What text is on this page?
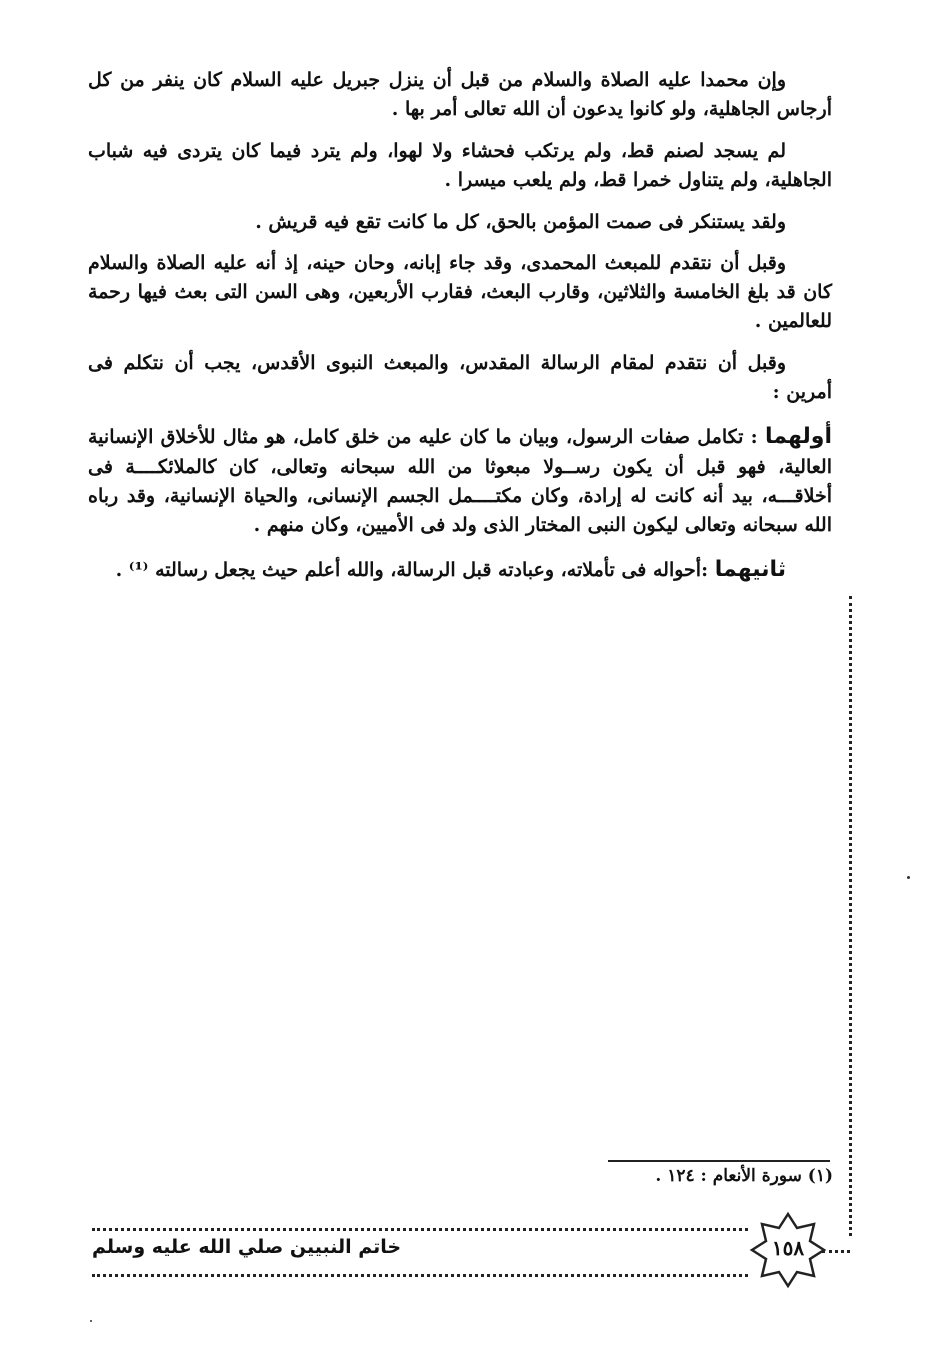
وإن محمدا عليه الصلاة والسلام من قبل أن ينزل جبريل عليه السلام كان ينفر من كل أرجاس الجاهلية، ولو كانوا يدعون أن الله تعالى أمر بها .

لم يسجد لصنم قط، ولم يرتكب فحشاء ولا لهوا، ولم يترد فيما كان يتردى فيه شباب الجاهلية، ولم يتناول خمرا قط، ولم يلعب ميسرا .

ولقد يستنكر فى صمت المؤمن بالحق، كل ما كانت تقع فيه قريش .

وقبل أن نتقدم للمبعث المحمدى، وقد جاء إبانه، وحان حينه، إذ أنه عليه الصلاة والسلام كان قد بلغ الخامسة والثلاثين، وقارب البعث، فقارب الأربعين، وهى السن التى بعث فيها رحمة للعالمين .

وقبل أن نتقدم لمقام الرسالة المقدس، والمبعث النبوى الأقدس، يجب أن نتكلم فى أمرين :

أولهما : تكامل صفات الرسول، وبيان ما كان عليه من خلق كامل، هو مثال للأخلاق الإنسانية العالية، فهو قبل أن يكون رســولا مبعوثا من الله سبحانه وتعالى، كان كالملائكــــة فى أخلاقـــه، بيد أنه كانت له إرادة، وكان مكتــــمل الجسم الإنسانى، والحياة الإنسانية، وقد رباه الله سبحانه وتعالى ليكون النبى المختار الذى ولد فى الأميين، وكان منهم .

ثانيهما :أحواله فى تأملاته، وعبادته قبل الرسالة، والله أعلم حيث يجعل رسالته ⁽¹⁾ .

(١) سورة الأنعام : ١٢٤ .
خاتم النبيين صلي الله عليه وسلم	١٥٨
